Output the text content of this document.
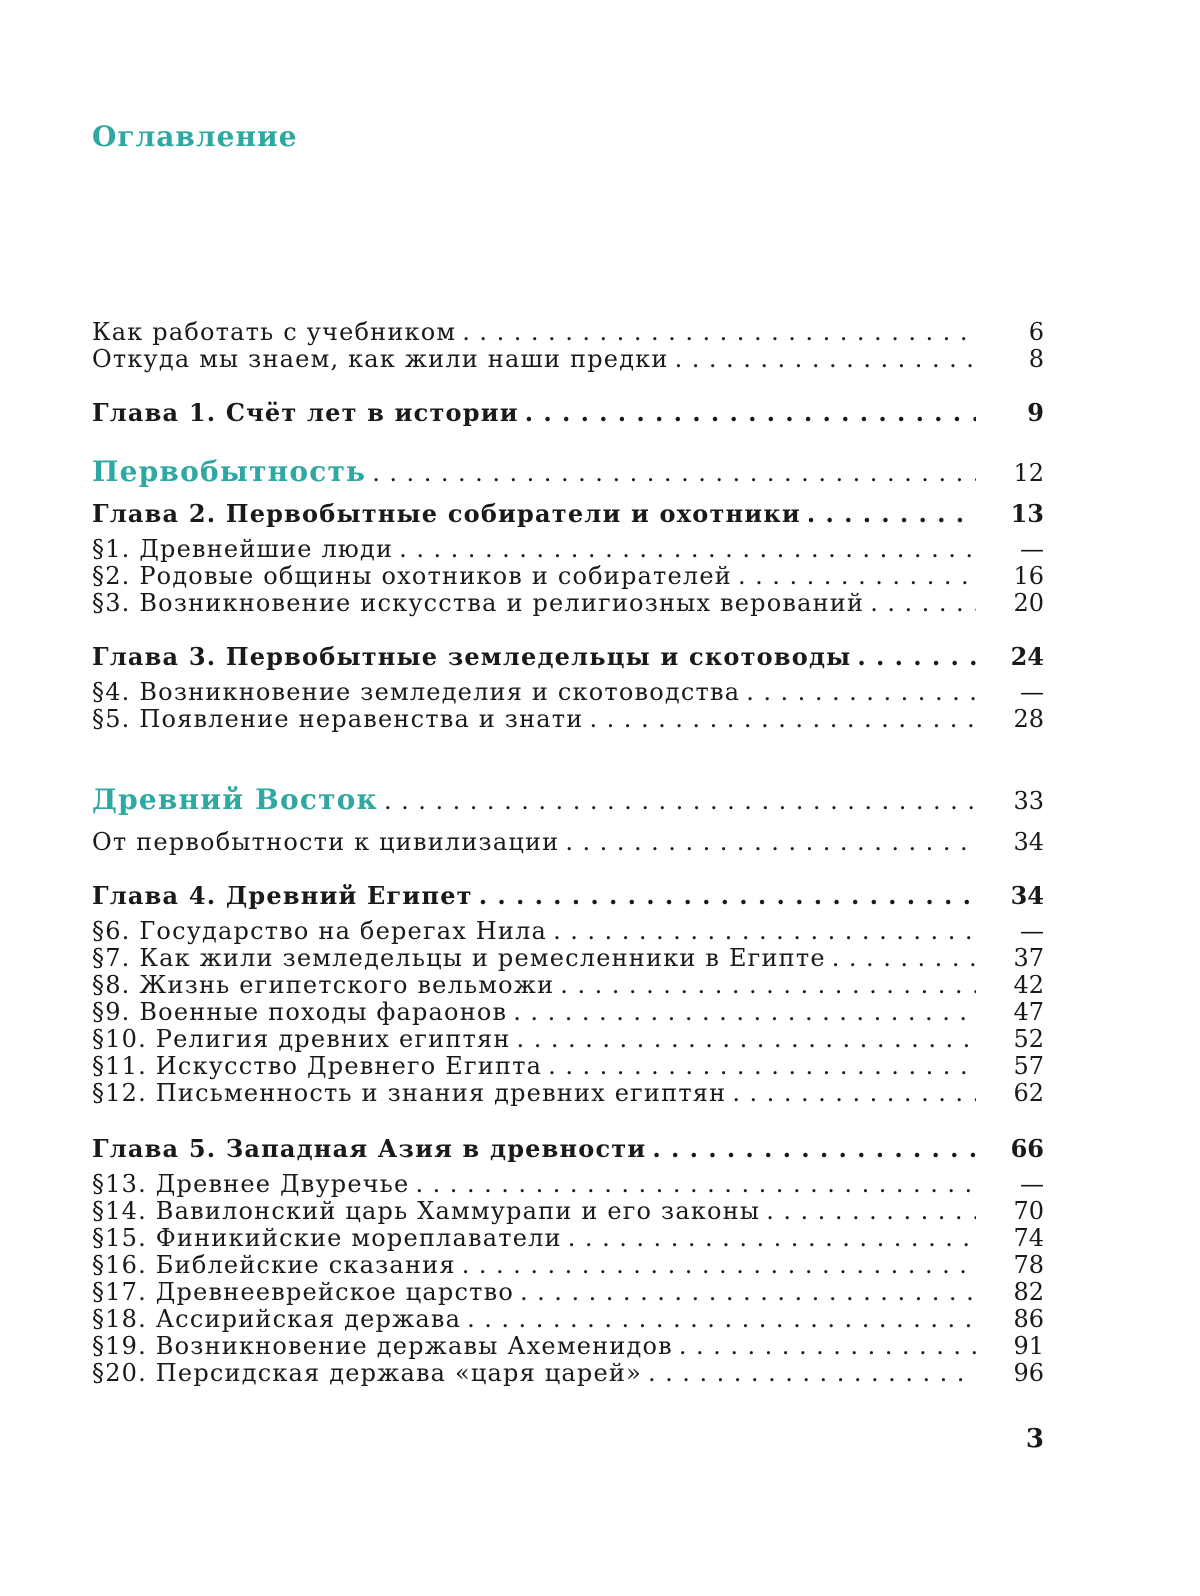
Оглавление
Как работать с учебником . . .	6
Откуда мы знаем, как жили наши предки . . .	8
Глава 1. Счёт лет в истории . . .	9
Первобытность . . .	12
Глава 2. Первобытные собиратели и охотники . . .	13
§1. Древнейшие люди . . .	—
§2. Родовые общины охотников и собирателей . . .	16
§3. Возникновение искусства и религиозных верований . . .	20
Глава 3. Первобытные земледельцы и скотоводы . . .	24
§4. Возникновение земледелия и скотоводства . . .	—
§5. Появление неравенства и знати . . .	28
Древний Восток . . .	33
От первобытности к цивилизации . . .	34
Глава 4. Древний Египет . . .	34
§6. Государство на берегах Нила . . .	—
§7. Как жили земледельцы и ремесленники в Египте . . .	37
§8. Жизнь египетского вельможи . . .	42
§9. Военные походы фараонов . . .	47
§10. Религия древних египтян . . .	52
§11. Искусство Древнего Египта . . .	57
§12. Письменность и знания древних египтян . . .	62
Глава 5. Западная Азия в древности . . .	66
§13. Древнее Двуречье . . .	—
§14. Вавилонский царь Хаммурапи и его законы . . .	70
§15. Финикийские мореплаватели . . .	74
§16. Библейские сказания . . .	78
§17. Древнееврейское царство . . .	82
§18. Ассирийская держава . . .	86
§19. Возникновение державы Ахеменидов . . .	91
§20. Персидская держава «царя царей» . . .	96
3
